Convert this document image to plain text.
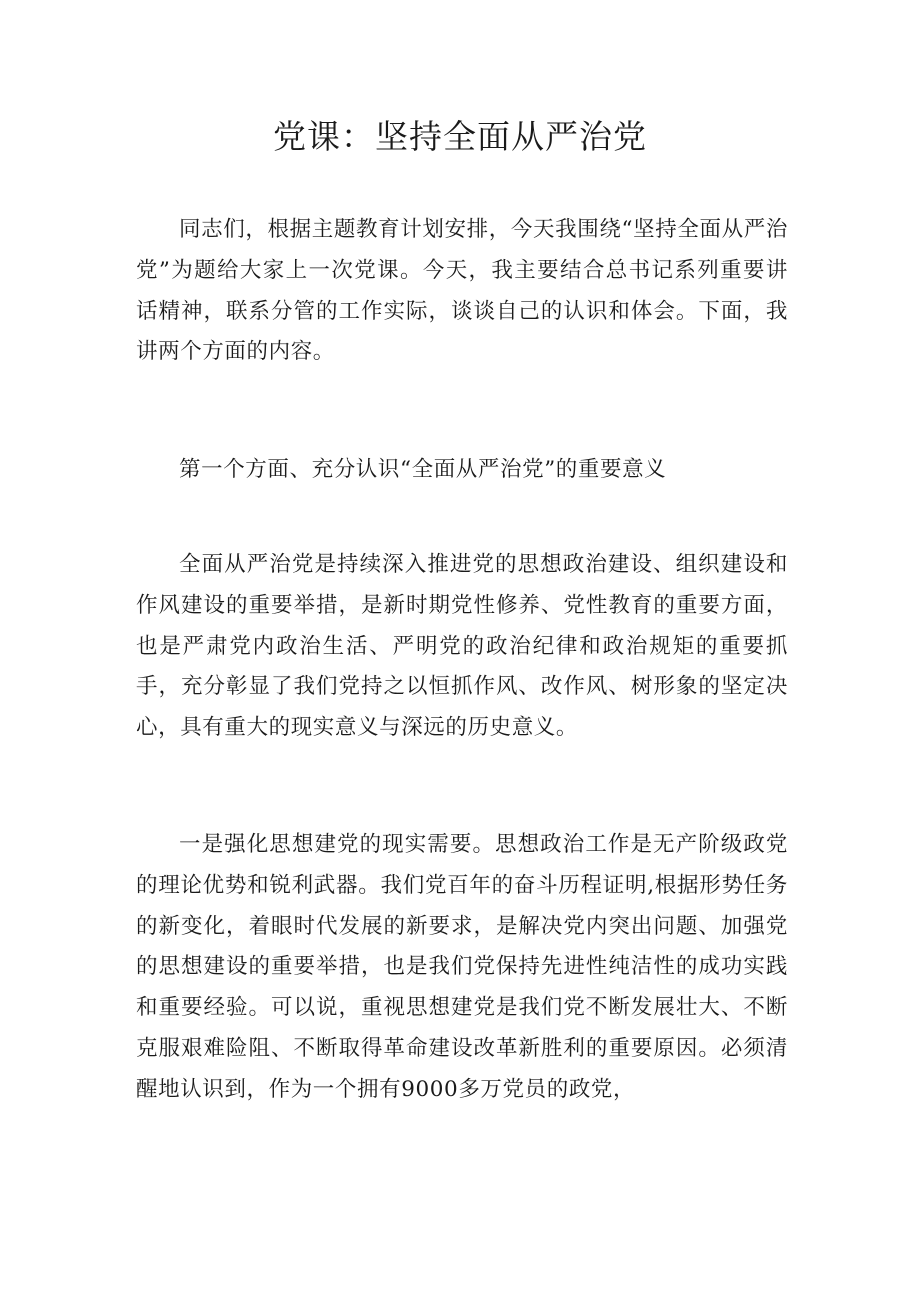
党课：坚持全面从严治党

同志们，根据主题教育计划安排，今天我围绕“坚持全面从严治党”为题给大家上一次党课。今天，我主要结合总书记系列重要讲话精神，联系分管的工作实际，谈谈自己的认识和体会。下面，我讲两个方面的内容。

第一个方面、充分认识“全面从严治党”的重要意义

全面从严治党是持续深入推进党的思想政治建设、组织建设和作风建设的重要举措，是新时期党性修养、党性教育的重要方面，也是严肃党内政治生活、严明党的政治纪律和政治规矩的重要抓手，充分彰显了我们党持之以恒抓作风、改作风、树形象的坚定决心，具有重大的现实意义与深远的历史意义。

一是强化思想建党的现实需要。思想政治工作是无产阶级政党的理论优势和锐利武器。我们党百年的奋斗历程证明,根据形势任务的新变化，着眼时代发展的新要求，是解决党内突出问题、加强党的思想建设的重要举措，也是我们党保持先进性纯洁性的成功实践和重要经验。可以说，重视思想建党是我们党不断发展壮大、不断克服艰难险阻、不断取得革命建设改革新胜利的重要原因。必须清醒地认识到，作为一个拥有9000多万党员的政党，
